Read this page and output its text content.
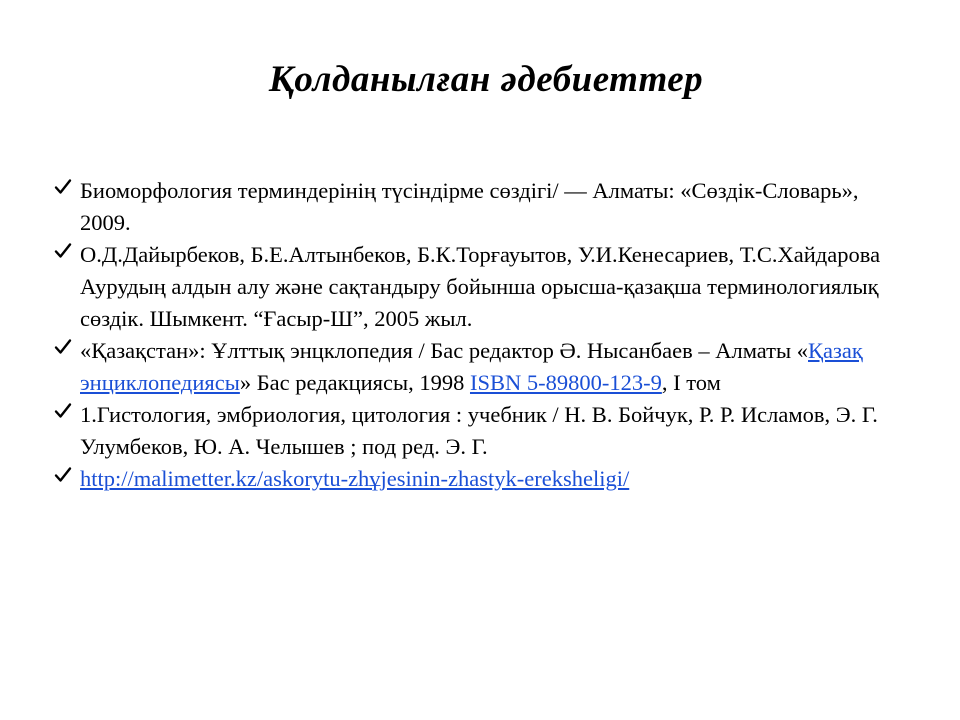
Қолданылған әдебиеттер
Биоморфология терминдерінің түсіндірме сөздігі/ — Алматы: «Сөздік-Словарь», 2009.
О.Д.Дайырбеков, Б.Е.Алтынбеков, Б.К.Торғауытов, У.И.Кенесариев, Т.С.Хайдарова Аурудың алдын алу және сақтандыру бойынша орысша-қазақша терминологиялық сөздік. Шымкент. “Ғасыр-Ш”, 2005 жыл.
«Қазақстан»: Ұлттық энцклопедия / Бас редактор Ә. Нысанбаев – Алматы «Қазақ энциклопедиясы» Бас редакциясы, 1998 ISBN 5-89800-123-9, I том
1.Гистология, эмбриология, цитология : учебник / Н. В. Бойчук, Р. Р. Исламов, Э. Г. Улумбеков, Ю. А. Челышев ; под ред. Э. Г.
http://malimetter.kz/askorytu-zhұjesinin-zhastyk-ereksheligi/
